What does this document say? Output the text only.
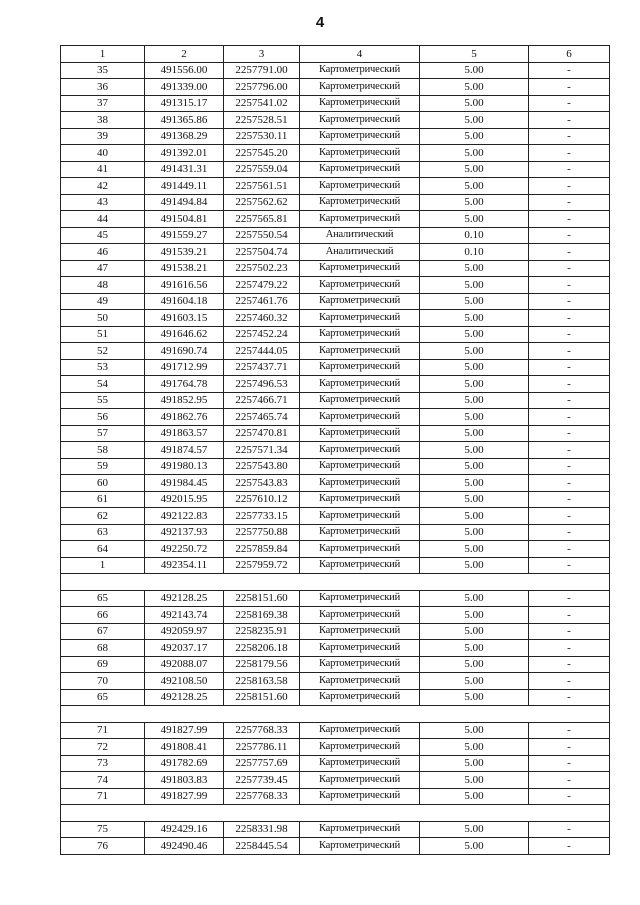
4
1	2	3	4	5	6
35	491556.00	2257791.00	Картометрический	5.00	-
36	491339.00	2257796.00	Картометрический	5.00	-
37	491315.17	2257541.02	Картометрический	5.00	-
38	491365.86	2257528.51	Картометрический	5.00	-
39	491368.29	2257530.11	Картометрический	5.00	-
40	491392.01	2257545.20	Картометрический	5.00	-
41	491431.31	2257559.04	Картометрический	5.00	-
42	491449.11	2257561.51	Картометрический	5.00	-
43	491494.84	2257562.62	Картометрический	5.00	-
44	491504.81	2257565.81	Картометрический	5.00	-
45	491559.27	2257550.54	Аналитический	0.10	-
46	491539.21	2257504.74	Аналитический	0.10	-
47	491538.21	2257502.23	Картометрический	5.00	-
48	491616.56	2257479.22	Картометрический	5.00	-
49	491604.18	2257461.76	Картометрический	5.00	-
50	491603.15	2257460.32	Картометрический	5.00	-
51	491646.62	2257452.24	Картометрический	5.00	-
52	491690.74	2257444.05	Картометрический	5.00	-
53	491712.99	2257437.71	Картометрический	5.00	-
54	491764.78	2257496.53	Картометрический	5.00	-
55	491852.95	2257466.71	Картометрический	5.00	-
56	491862.76	2257465.74	Картометрический	5.00	-
57	491863.57	2257470.81	Картометрический	5.00	-
58	491874.57	2257571.34	Картометрический	5.00	-
59	491980.13	2257543.80	Картометрический	5.00	-
60	491984.45	2257543.83	Картометрический	5.00	-
61	492015.95	2257610.12	Картометрический	5.00	-
62	492122.83	2257733.15	Картометрический	5.00	-
63	492137.93	2257750.88	Картометрический	5.00	-
64	492250.72	2257859.84	Картометрический	5.00	-
1	492354.11	2257959.72	Картометрический	5.00	-

65	492128.25	2258151.60	Картометрический	5.00	-
66	492143.74	2258169.38	Картометрический	5.00	-
67	492059.97	2258235.91	Картометрический	5.00	-
68	492037.17	2258206.18	Картометрический	5.00	-
69	492088.07	2258179.56	Картометрический	5.00	-
70	492108.50	2258163.58	Картометрический	5.00	-
65	492128.25	2258151.60	Картометрический	5.00	-

71	491827.99	2257768.33	Картометрический	5.00	-
72	491808.41	2257786.11	Картометрический	5.00	-
73	491782.69	2257757.69	Картометрический	5.00	-
74	491803.83	2257739.45	Картометрический	5.00	-
71	491827.99	2257768.33	Картометрический	5.00	-

75	492429.16	2258331.98	Картометрический	5.00	-
76	492490.46	2258445.54	Картометрический	5.00	-
